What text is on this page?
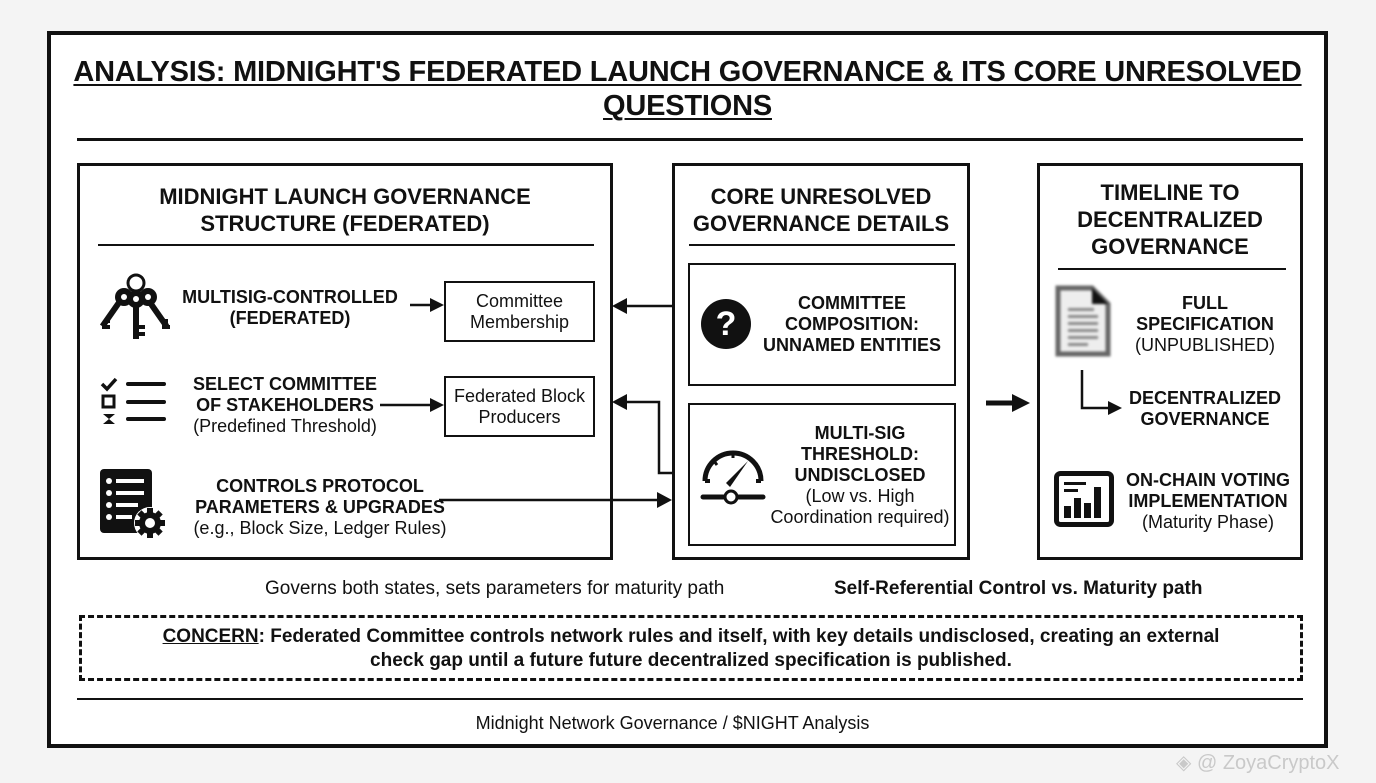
ANALYSIS: MIDNIGHT'S FEDERATED LAUNCH GOVERNANCE & ITS CORE UNRESOLVED QUESTIONS
MIDNIGHT LAUNCH GOVERNANCE
STRUCTURE (FEDERATED)
MULTISIG-CONTROLLED
(FEDERATED)
Committee
Membership
SELECT COMMITTEE
OF STAKEHOLDERS
(Predefined Threshold)
Federated Block
Producers
CONTROLS PROTOCOL
PARAMETERS & UPGRADES
(e.g., Block Size, Ledger Rules)
CORE UNRESOLVED
GOVERNANCE DETAILS
?
COMMITTEE
COMPOSITION:
UNNAMED ENTITIES
MULTI-SIG
THRESHOLD:
UNDISCLOSED
(Low vs. High
Coordination required)
TIMELINE TO
DECENTRALIZED
GOVERNANCE
FULL
SPECIFICATION
(UNPUBLISHED)
DECENTRALIZED
GOVERNANCE
ON-CHAIN VOTING
IMPLEMENTATION
(Maturity Phase)
Governs both states, sets parameters for maturity path	Self-Referential Control vs. Maturity path
CONCERN: Federated Committee controls network rules and itself, with key details undisclosed, creating an external
check gap until a future future decentralized specification is published.
Midnight Network Governance / $NIGHT Analysis
◈ @ ZoyaCryptoX
